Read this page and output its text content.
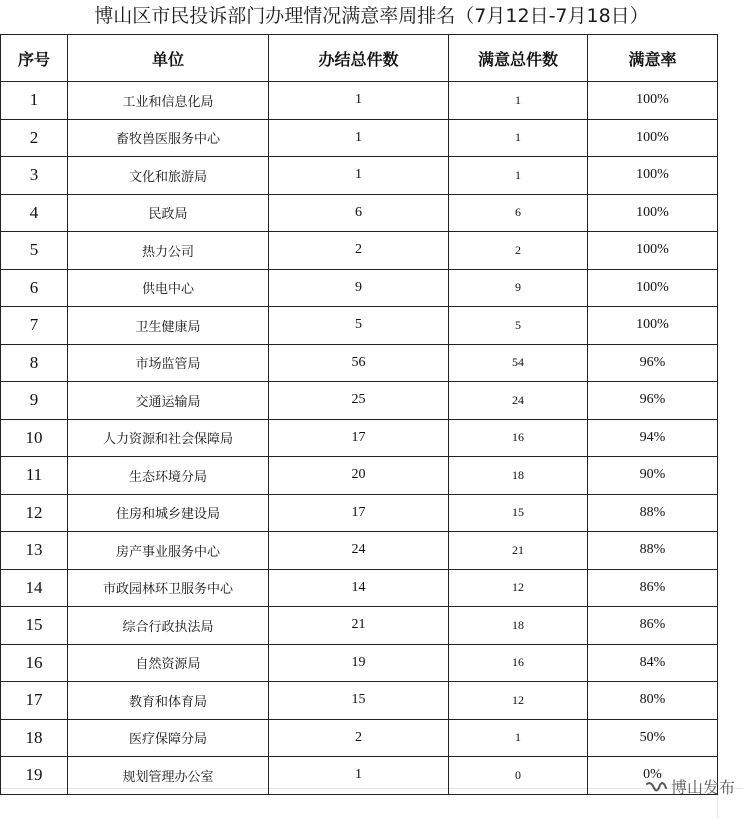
博山区市民投诉部门办理情况满意率周排名（7月12日-7月18日）
序号	单位	办结总件数	满意总件数	满意率
1	工业和信息化局	1	1	100%
2	畜牧兽医服务中心	1	1	100%
3	文化和旅游局	1	1	100%
4	民政局	6	6	100%
5	热力公司	2	2	100%
6	供电中心	9	9	100%
7	卫生健康局	5	5	100%
8	市场监管局	56	54	96%
9	交通运输局	25	24	96%
10	人力资源和社会保障局	17	16	94%
11	生态环境分局	20	18	90%
12	住房和城乡建设局	17	15	88%
13	房产事业服务中心	24	21	88%
14	市政园林环卫服务中心	14	12	86%
15	综合行政执法局	21	18	86%
16	自然资源局	19	16	84%
17	教育和体育局	15	12	80%
18	医疗保障分局	2	1	50%
19	规划管理办公室	1	0	0%
博山发布
